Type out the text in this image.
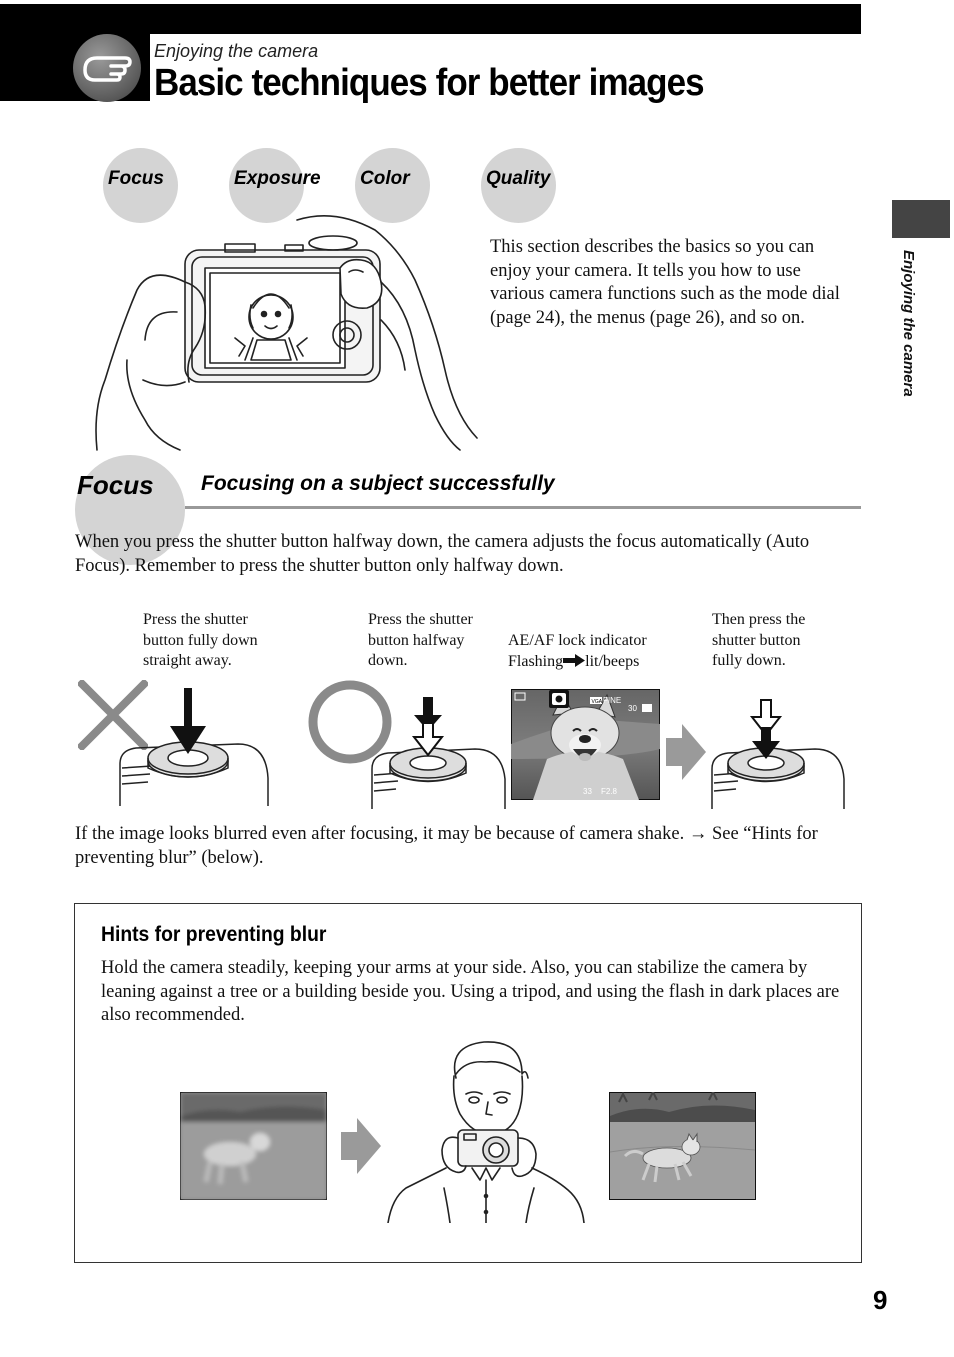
Enjoying the camera
Basic techniques for better images
Enjoying the camera
Focus	Exposure Color	Quality
This section describes the basics so you can enjoy your camera. It tells you how to use various camera functions such as the mode dial (page 24), the menus (page 26), and so on.
Focus Focusing on a subject successfully
When you press the shutter button halfway down, the camera adjusts the focus automatically (Auto Focus). Remember to press the shutter button only halfway down.
Press the shutter
button fully down
straight away.
Press the shutter
button halfway
down.
AE/AF lock indicator
Flashing lit/beeps
Then press the
shutter button
fully down.
VGA FINE
30
33 F2.8
If the image looks blurred even after focusing, it may be because of camera shake. → See “Hints for preventing blur” (below).
Hints for preventing blur
Hold the camera steadily, keeping your arms at your side. Also, you can stabilize the camera by leaning against a tree or a building beside you. Using a tripod, and using the flash in dark places are also recommended.
9
